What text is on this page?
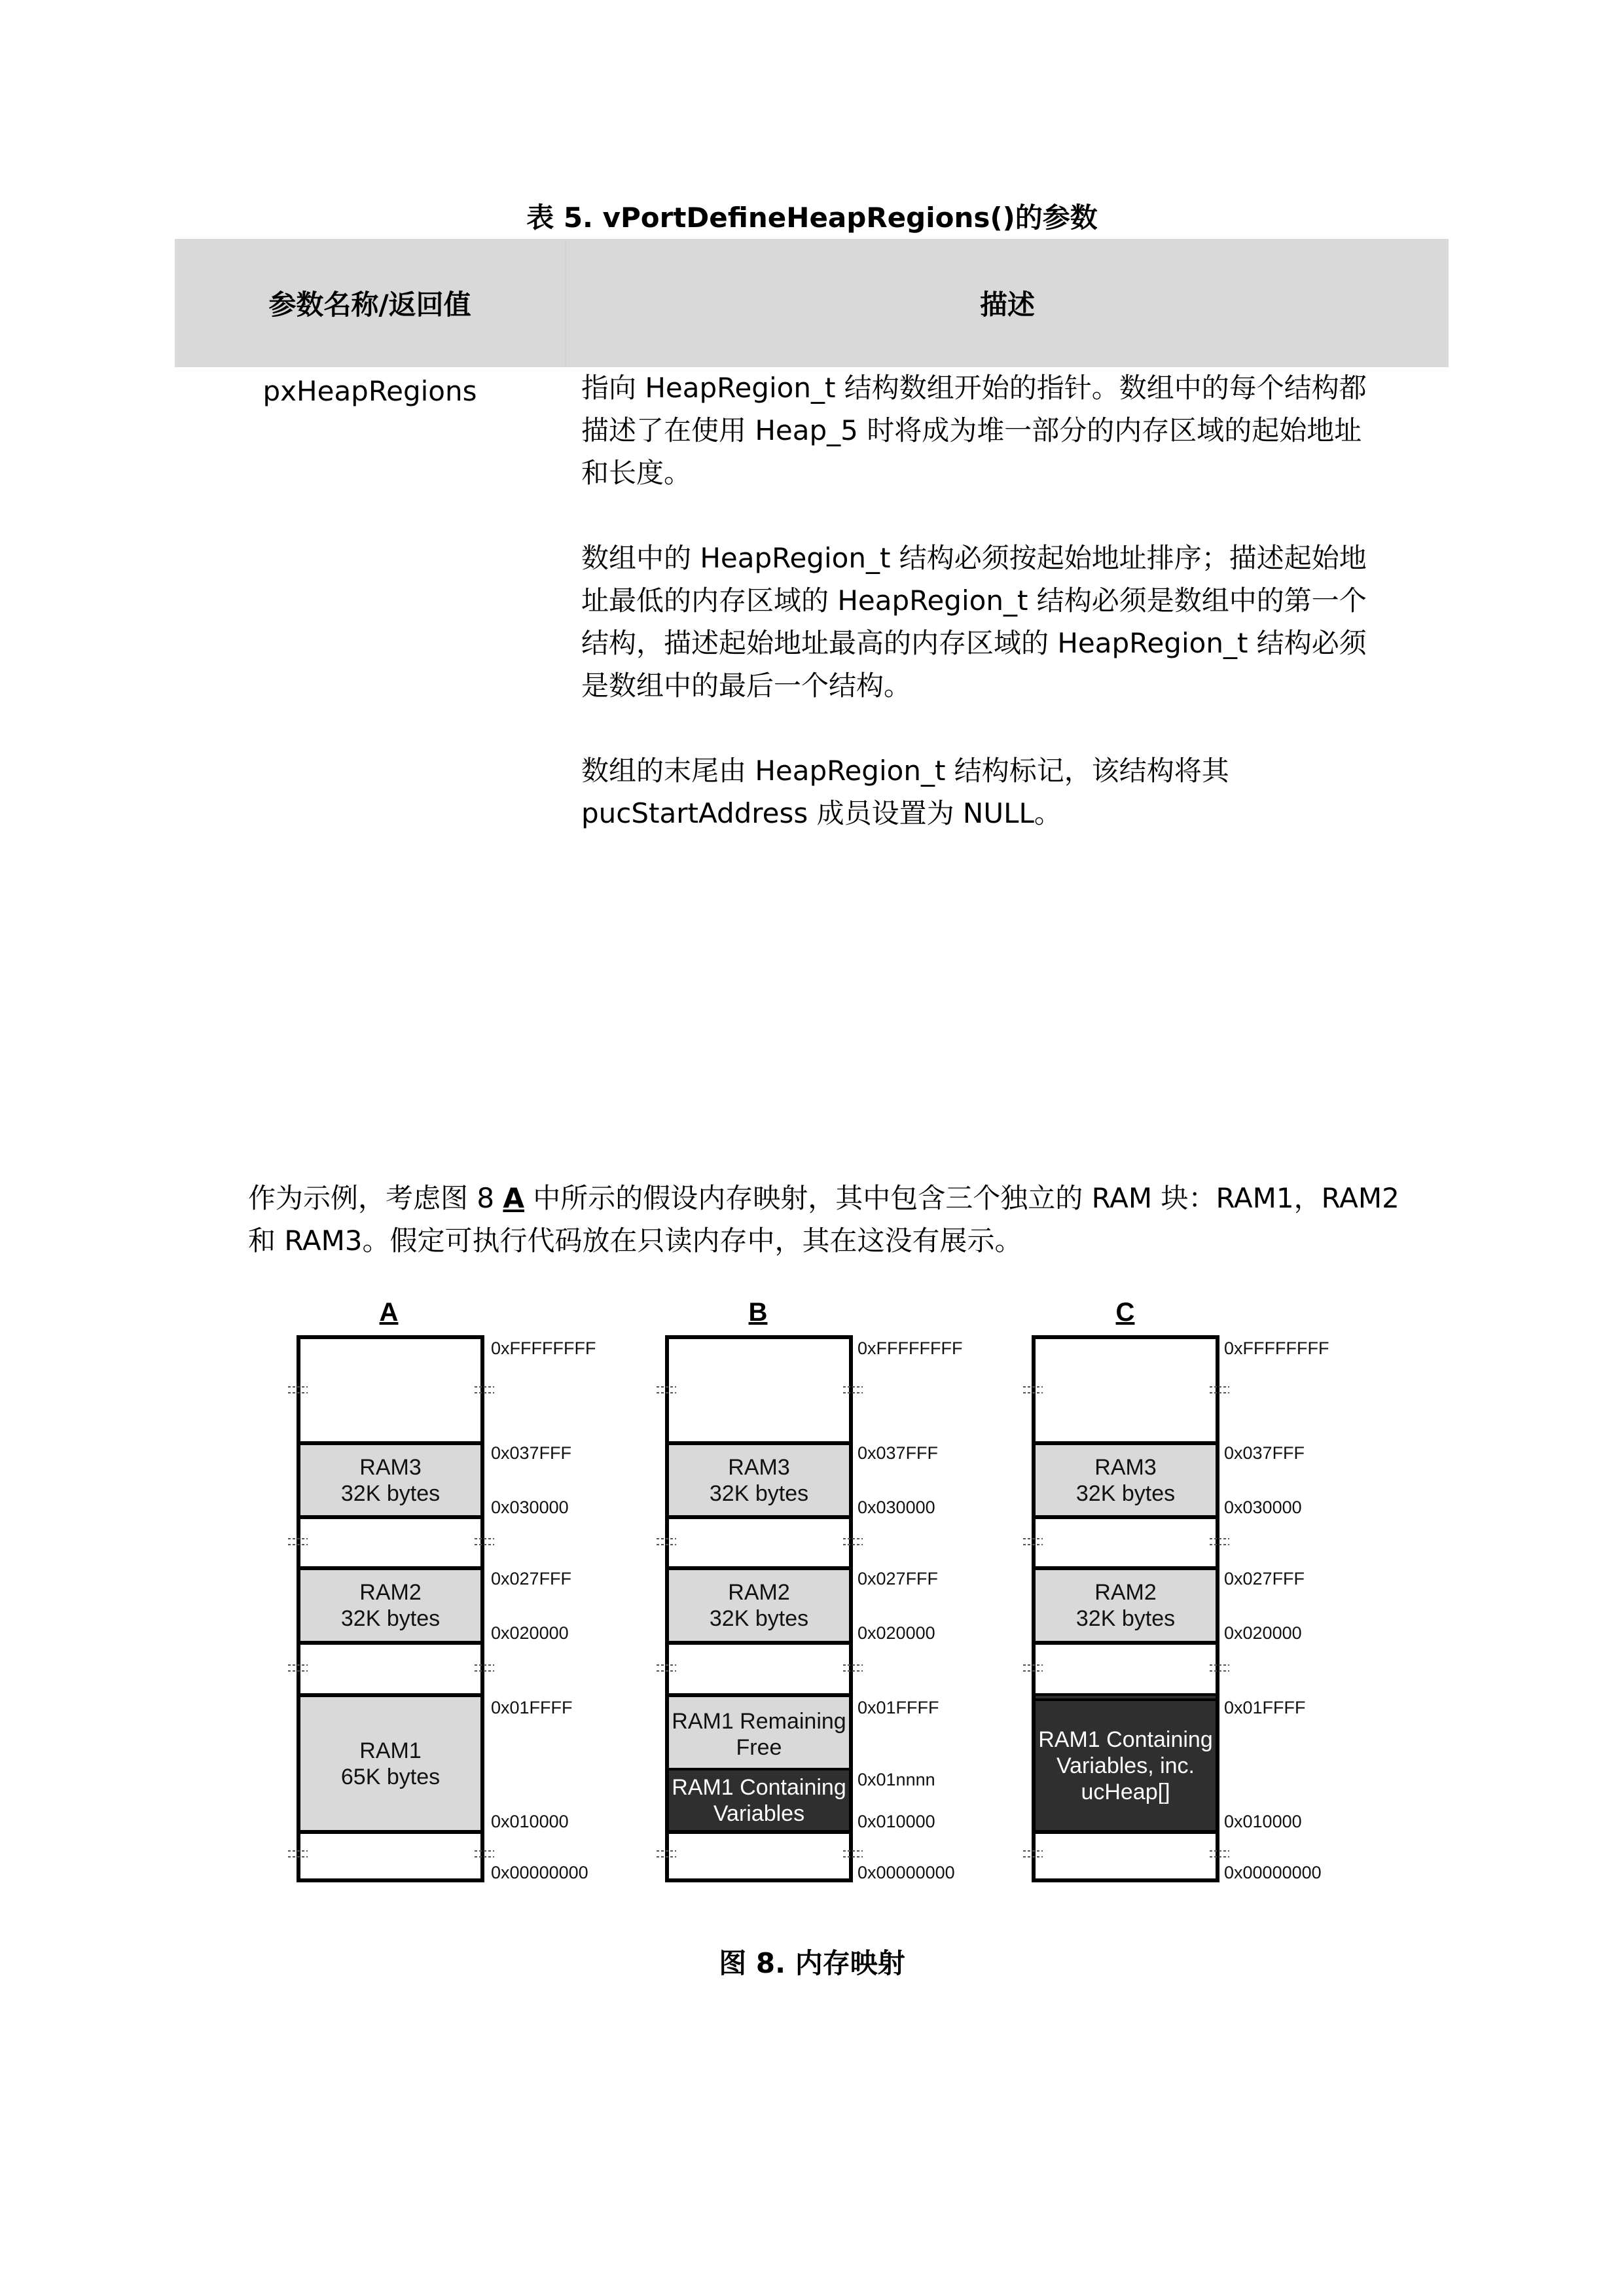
表 5. vPortDefineHeapRegions()的参数
参数名称/返回值	描述
pxHeapRegions	指向 HeapRegion_t 结构数组开始的指针。数组中的每个结构都
描述了在使用 Heap_5 时将成为堆一部分的内存区域的起始地址
和长度。

数组中的 HeapRegion_t 结构必须按起始地址排序；描述起始地
址最低的内存区域的 HeapRegion_t 结构必须是数组中的第一个
结构，描述起始地址最高的内存区域的 HeapRegion_t 结构必须
是数组中的最后一个结构。

数组的末尾由 HeapRegion_t 结构标记，该结构将其
pucStartAddress 成员设置为 NULL。

作为示例，考虑图 8 A 中所示的假设内存映射，其中包含三个独立的 RAM 块：RAM1，RAM2
和 RAM3。假定可执行代码放在只读内存中，其在这没有展示。
A
RAM3
32K bytes
RAM2
32K bytes
RAM1
65K bytes
0xFFFFFFFF
0x037FFF
0x030000
0x027FFF
0x020000
0x01FFFF
0x010000
0x00000000
B
RAM3
32K bytes
RAM2
32K bytes
RAM1 Remaining
Free
RAM1 Containing
Variables
0xFFFFFFFF
0x037FFF
0x030000
0x027FFF
0x020000
0x01FFFF
0x01nnnn
0x010000
0x00000000
C
RAM3
32K bytes
RAM2
32K bytes
RAM1 Containing
Variables, inc.
ucHeap[]
0xFFFFFFFF
0x037FFF
0x030000
0x027FFF
0x020000
0x01FFFF
0x010000
0x00000000
图 8. 内存映射
